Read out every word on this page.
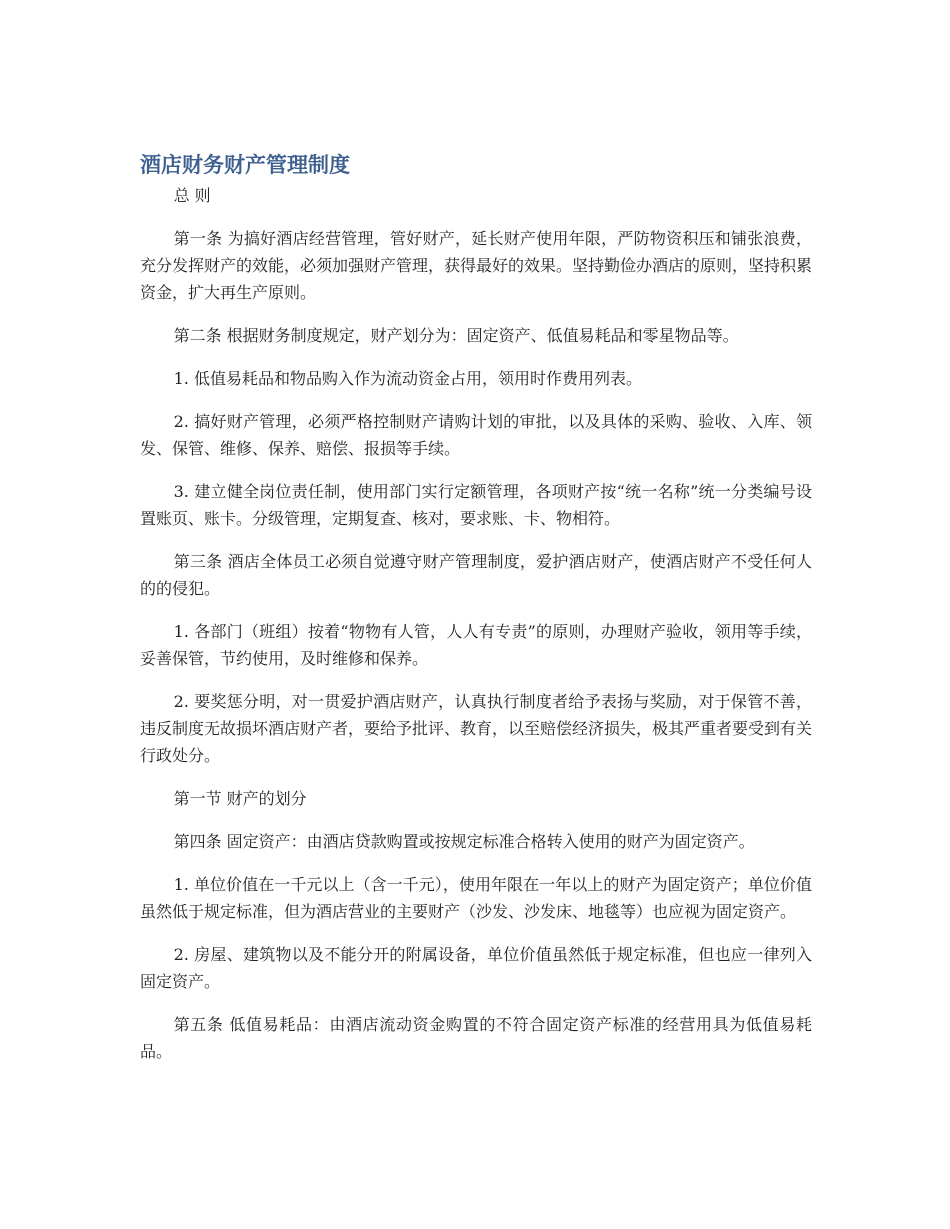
酒店财务财产管理制度

总 则

第一条 为搞好酒店经营管理，管好财产，延长财产使用年限，严防物资积压和铺张浪费，充分发挥财产的效能，必须加强财产管理，获得最好的效果。坚持勤俭办酒店的原则，坚持积累资金，扩大再生产原则。

第二条 根据财务制度规定，财产划分为：固定资产、低值易耗品和零星物品等。

1. 低值易耗品和物品购入作为流动资金占用，领用时作费用列表。

2. 搞好财产管理，必须严格控制财产请购计划的审批，以及具体的采购、验收、入库、领发、保管、维修、保养、赔偿、报损等手续。

3. 建立健全岗位责任制，使用部门实行定额管理，各项财产按“统一名称”统一分类编号设置账页、账卡。分级管理，定期复查、核对，要求账、卡、物相符。

第三条 酒店全体员工必须自觉遵守财产管理制度，爱护酒店财产，使酒店财产不受任何人的的侵犯。

1. 各部门（班组）按着“物物有人管，人人有专责”的原则，办理财产验收，领用等手续，妥善保管，节约使用，及时维修和保养。

2. 要奖惩分明，对一贯爱护酒店财产，认真执行制度者给予表扬与奖励，对于保管不善，违反制度无故损坏酒店财产者，要给予批评、教育，以至赔偿经济损失，极其严重者要受到有关行政处分。

第一节 财产的划分

第四条 固定资产：由酒店贷款购置或按规定标准合格转入使用的财产为固定资产。

1. 单位价值在一千元以上（含一千元），使用年限在一年以上的财产为固定资产；单位价值虽然低于规定标准，但为酒店营业的主要财产（沙发、沙发床、地毯等）也应视为固定资产。

2. 房屋、建筑物以及不能分开的附属设备，单位价值虽然低于规定标准，但也应一律列入固定资产。

第五条 低值易耗品：由酒店流动资金购置的不符合固定资产标准的经营用具为低值易耗品。
